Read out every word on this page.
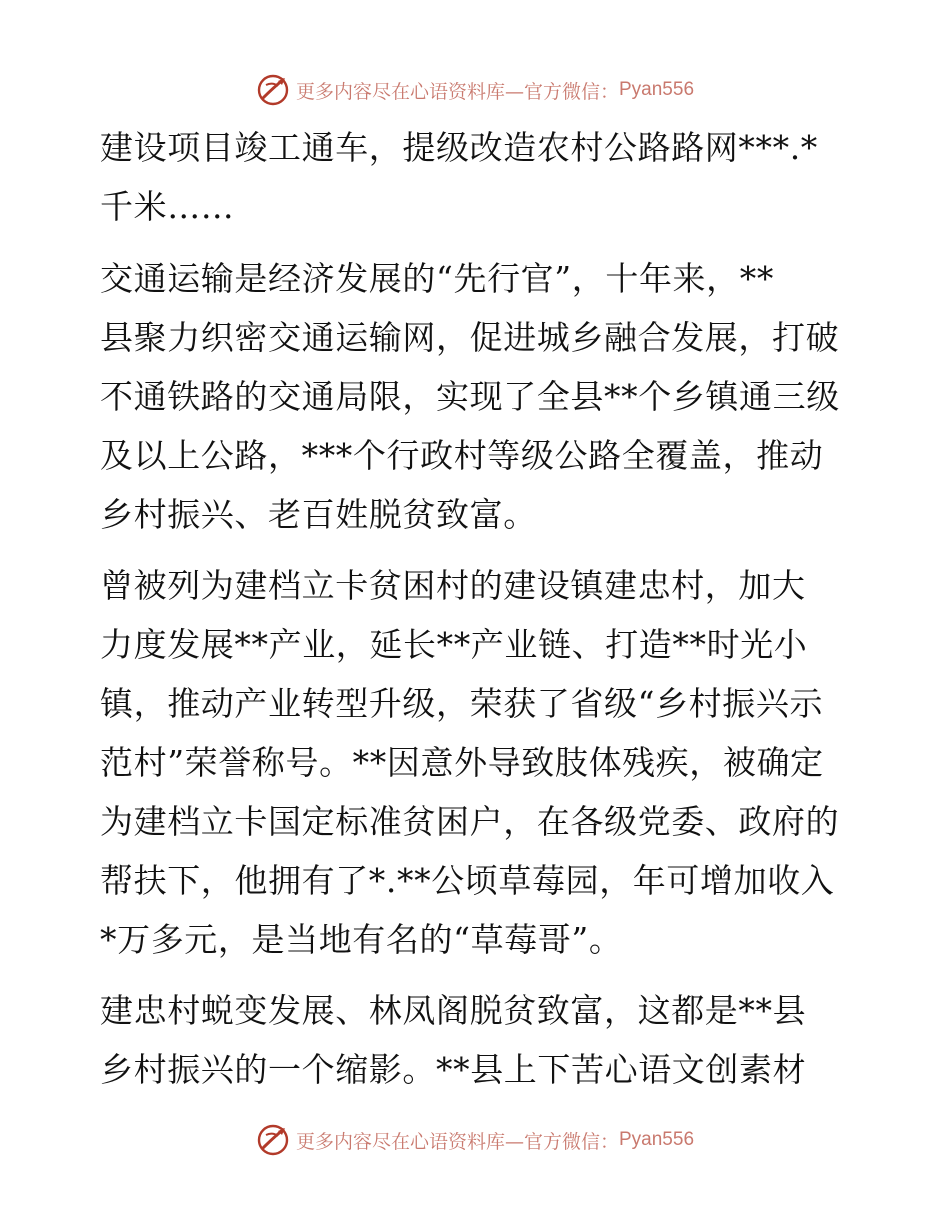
更多内容尽在心语资料库—官方微信： Pyan556
建设项目竣工通车，提级改造农村公路路网***.*
千米……
交通运输是经济发展的“先行官”，十年来，**
县聚力织密交通运输网，促进城乡融合发展，打破
不通铁路的交通局限，实现了全县**个乡镇通三级
及以上公路，***个行政村等级公路全覆盖，推动
乡村振兴、老百姓脱贫致富。
曾被列为建档立卡贫困村的建设镇建忠村，加大
力度发展**产业，延长**产业链、打造**时光小
镇，推动产业转型升级，荣获了省级“乡村振兴示
范村”荣誉称号。**因意外导致肢体残疾，被确定
为建档立卡国定标准贫困户，在各级党委、政府的
帮扶下，他拥有了*.**公顷草莓园，年可增加收入
*万多元，是当地有名的“草莓哥”。
建忠村蜕变发展、林凤阁脱贫致富，这都是**县
乡村振兴的一个缩影。**县上下苦心语文创素材
更多内容尽在心语资料库—官方微信： Pyan556
